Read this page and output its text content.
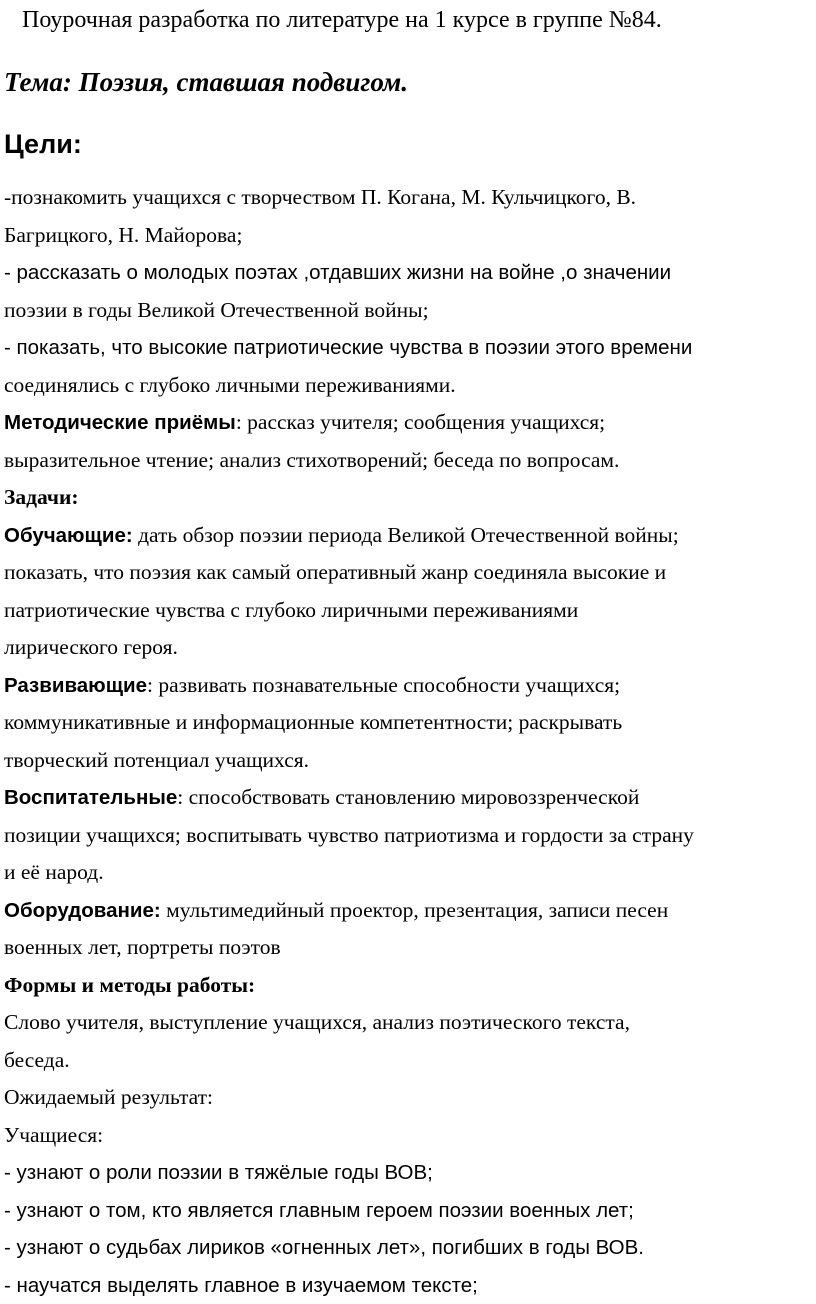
Поурочная разработка по литературе на 1 курсе в группе №84.
Тема: Поэзия, ставшая подвигом.
Цели:
-познакомить учащихся с творчеством П. Когана, М. Кульчицкого, В.
Багрицкого, Н. Майорова;
- рассказать о молодых поэтах ,отдавших жизни на войне ,о значении
поэзии в годы Великой Отечественной войны;
- показать, что высокие патриотические чувства в поэзии этого времени
соединялись с глубоко личными переживаниями.
Методические приёмы: рассказ учителя; сообщения учащихся;
выразительное чтение; анализ стихотворений; беседа по вопросам.
Задачи:
Обучающие: дать обзор поэзии периода Великой Отечественной войны;
показать, что поэзия как самый оперативный жанр соединяла высокие и
патриотические чувства с глубоко лиричными переживаниями
лирического героя.
Развивающие: развивать познавательные способности учащихся;
коммуникативные и информационные компетентности; раскрывать
творческий потенциал учащихся.
Воспитательные: способствовать становлению мировоззренческой
позиции учащихся; воспитывать чувство патриотизма и гордости за страну
и её народ.
Оборудование: мультимедийный проектор, презентация, записи песен
военных лет, портреты поэтов
Формы и методы работы:
Слово учителя, выступление учащихся, анализ поэтического текста,
беседа.
Ожидаемый результат:
Учащиеся:
- узнают о роли поэзии в тяжёлые годы ВОВ;
- узнают о том, кто является главным героем поэзии военных лет;
- узнают о судьбах лириков «огненных лет», погибших в годы ВОВ.
- научатся выделять главное в изучаемом тексте;
